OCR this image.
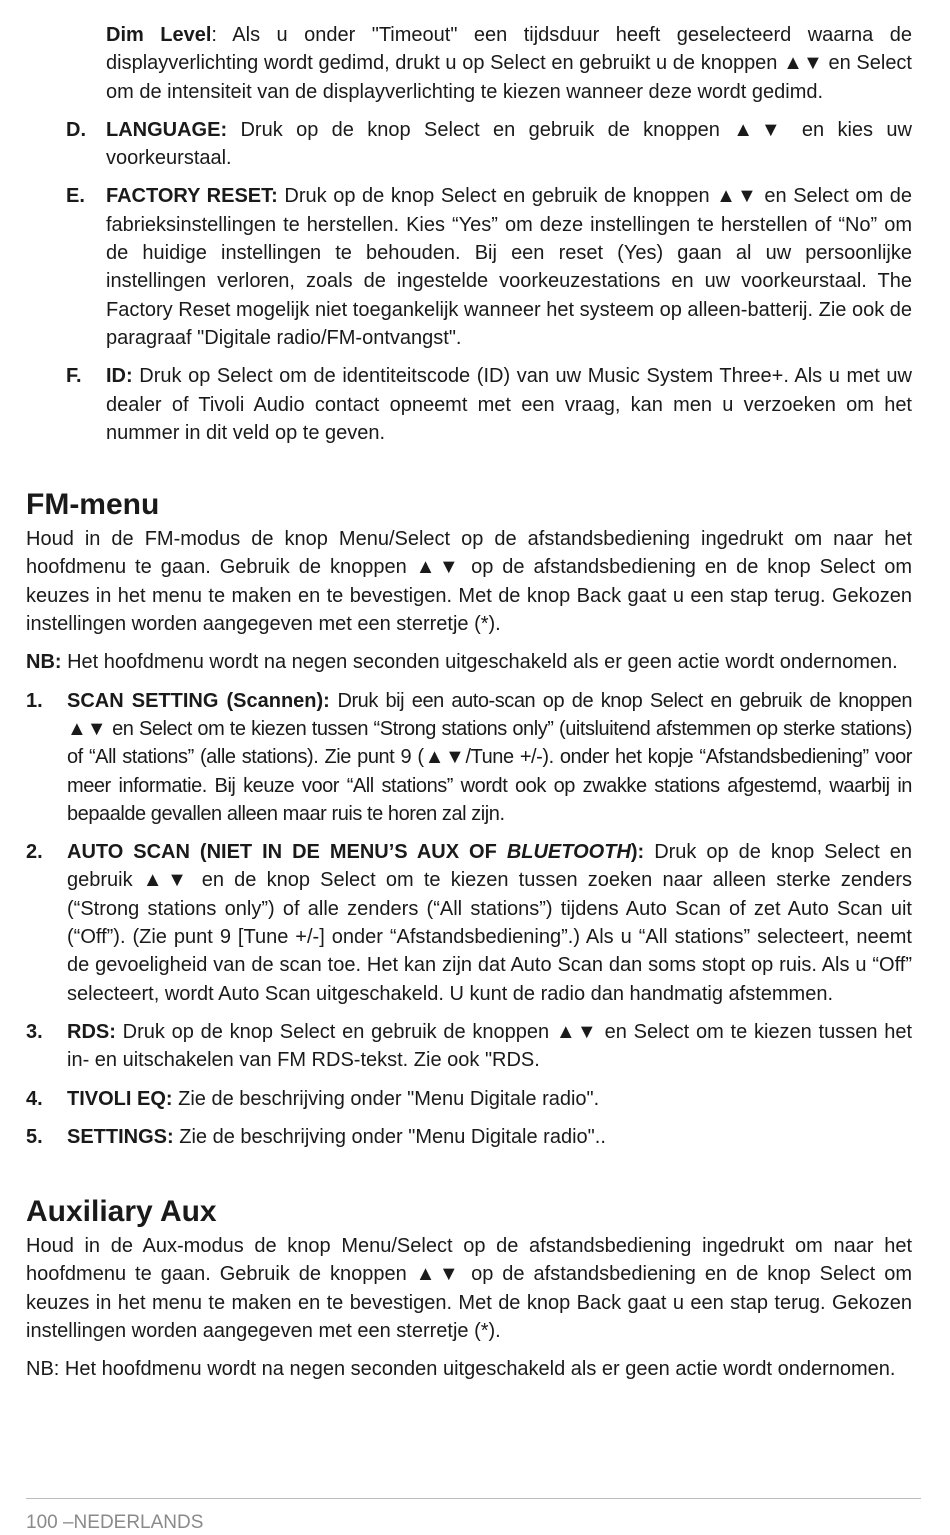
Dim Level: Als u onder "Timeout" een tijdsduur heeft geselecteerd waarna de displayverlichting wordt gedimd, drukt u op Select en gebruikt u de knoppen ▲▼ en Select om de intensiteit van de displayverlichting te kiezen wanneer deze wordt gedimd.

D. LANGUAGE: Druk op de knop Select en gebruik de knoppen ▲▼ en kies uw voorkeurstaal.
E. FACTORY RESET: Druk op de knop Select en gebruik de knoppen ▲▼ en Select om de fabrieksinstellingen te herstellen. Kies “Yes” om deze instellingen te herstellen of “No” om de huidige instellingen te behouden. Bij een reset (Yes) gaan al uw persoonlijke instellingen verloren, zoals de ingestelde voorkeuzestations en uw voorkeurstaal. The Factory Reset mogelijk niet toegankelijk wanneer het systeem op alleen-batterij. Zie ook de paragraaf "Digitale radio/FM-ontvangst".
F. ID: Druk op Select om de identiteitscode (ID) van uw Music System Three+. Als u met uw dealer of Tivoli Audio contact opneemt met een vraag, kan men u verzoeken om het nummer in dit veld op te geven.
FM-menu

Houd in de FM-modus de knop Menu/Select op de afstandsbediening ingedrukt om naar het hoofdmenu te gaan. Gebruik de knoppen ▲▼ op de afstandsbediening en de knop Select om keuzes in het menu te maken en te bevestigen. Met de knop Back gaat u een stap terug. Gekozen instellingen worden aangegeven met een sterretje (*).

NB: Het hoofdmenu wordt na negen seconden uitgeschakeld als er geen actie wordt ondernomen.

1. SCAN SETTING (Scannen): Druk bij een auto-scan op de knop Select en gebruik de knoppen ▲▼ en Select om te kiezen tussen “Strong stations only” (uitsluitend afstemmen op sterke stations) of “All stations” (alle stations). Zie punt 9 (▲▼/Tune +/-). onder het kopje “Afstandsbediening” voor meer informatie. Bij keuze voor “All stations” wordt ook op zwakke stations afgestemd, waarbij in bepaalde gevallen alleen maar ruis te horen zal zijn.
2. AUTO SCAN (NIET IN DE MENU’S AUX OF BLUETOOTH): Druk op de knop Select en gebruik ▲▼ en de knop Select om te kiezen tussen zoeken naar alleen sterke zenders (“Strong stations only”) of alle zenders (“All stations”) tijdens Auto Scan of zet Auto Scan uit (“Off”). (Zie punt 9 [Tune +/-] onder “Afstandsbediening”.) Als u “All stations” selecteert, neemt de gevoeligheid van de scan toe. Het kan zijn dat Auto Scan dan soms stopt op ruis. Als u “Off” selecteert, wordt Auto Scan uitgeschakeld. U kunt de radio dan handmatig afstemmen.
3. RDS: Druk op de knop Select en gebruik de knoppen ▲▼ en Select om te kiezen tussen het in- en uitschakelen van FM RDS-tekst. Zie ook "RDS.
4. TIVOLI EQ: Zie de beschrijving onder "Menu Digitale radio".
5. SETTINGS: Zie de beschrijving onder "Menu Digitale radio"..
Auxiliary Aux

Houd in de Aux-modus de knop Menu/Select op de afstandsbediening ingedrukt om naar het hoofdmenu te gaan. Gebruik de knoppen ▲▼ op de afstandsbediening en de knop Select om keuzes in het menu te maken en te bevestigen. Met de knop Back gaat u een stap terug. Gekozen instellingen worden aangegeven met een sterretje (*).

NB: Het hoofdmenu wordt na negen seconden uitgeschakeld als er geen actie wordt ondernomen.

100 –NEDERLANDS
